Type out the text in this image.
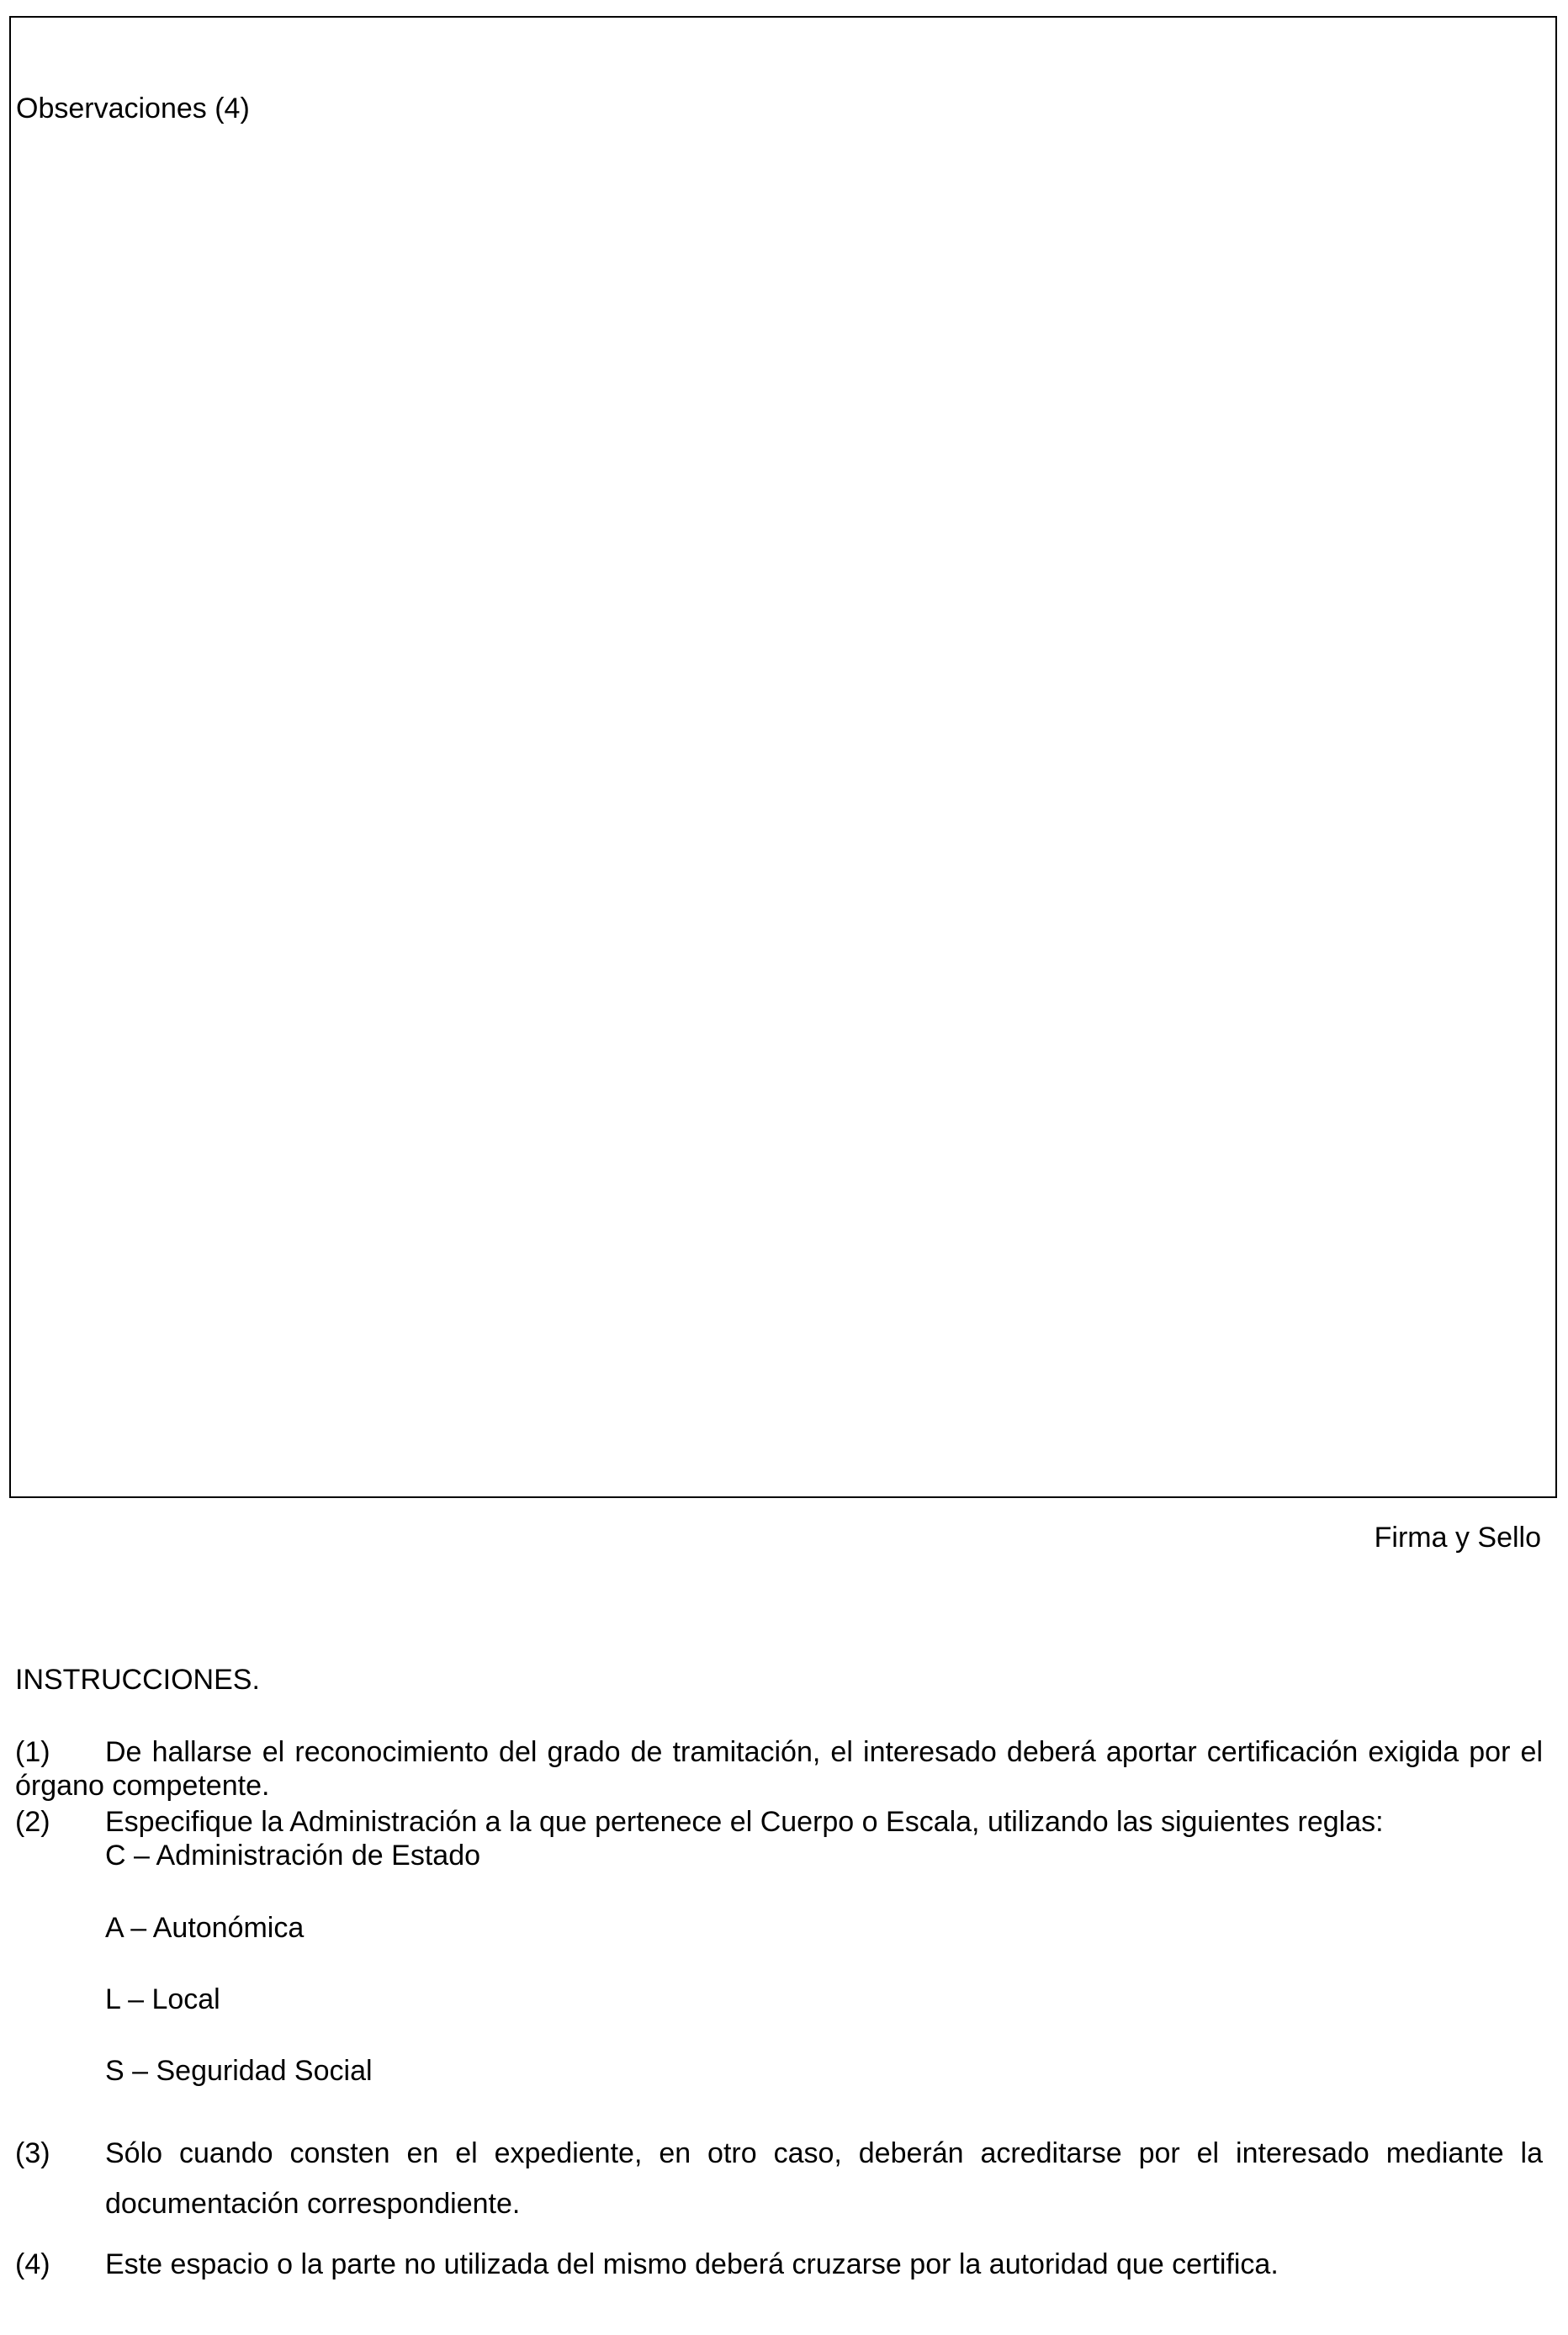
Observaciones (4)
Firma y Sello
INSTRUCCIONES.
(1) De hallarse el reconocimiento del grado de tramitación, el interesado deberá aportar certificación exigida por el órgano competente.
(2) Especifique la Administración a la que pertenece el Cuerpo o Escala, utilizando las siguientes reglas:
C – Administración de Estado
A – Autonómica
L – Local
S – Seguridad Social
(3)	Sólo cuando consten en el expediente, en otro caso, deberán acreditarse por el interesado mediante la documentación correspondiente.
(4)	Este espacio o la parte no utilizada del mismo deberá cruzarse por la autoridad que certifica.
